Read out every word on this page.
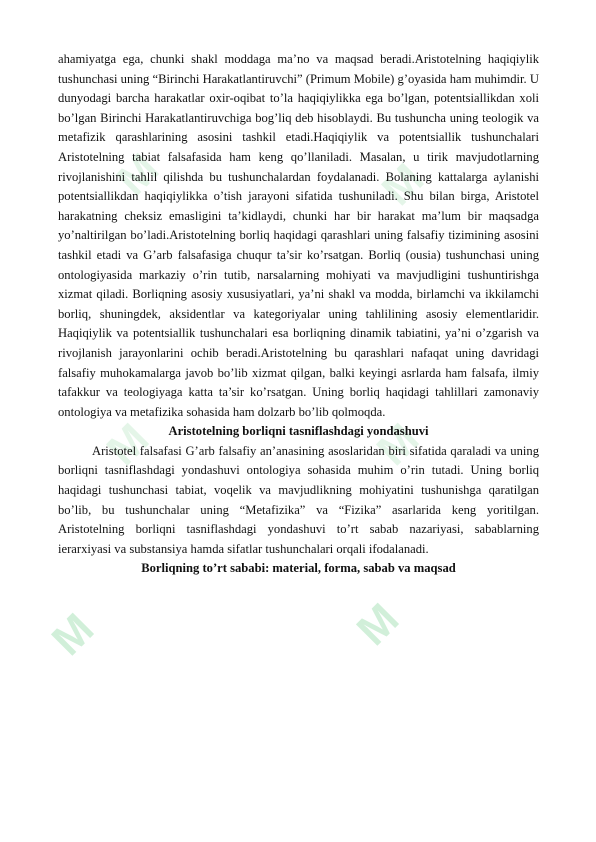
M	M
M	M
M	M

ahamiyatga ega, chunki shakl moddaga ma’no va maqsad beradi.Aristotelning haqiqiylik tushunchasi uning “Birinchi Harakatlantiruvchi” (Primum Mobile) g’oyasida ham muhimdir. U dunyodagi barcha harakatlar oxir-oqibat to’la haqiqiylikka ega bo’lgan, potentsiallikdan xoli bo’lgan Birinchi Harakatlantiruvchiga bog’liq deb hisoblaydi. Bu tushuncha uning teologik va metafizik qarashlarining asosini tashkil etadi.Haqiqiylik va potentsiallik tushunchalari Aristotelning tabiat falsafasida ham keng qo’llaniladi. Masalan, u tirik mavjudotlarning rivojlanishini tahlil qilishda bu tushunchalardan foydalanadi. Bolaning kattalarga aylanishi potentsiallikdan haqiqiylikka o’tish jarayoni sifatida tushuniladi. Shu bilan birga, Aristotel harakatning cheksiz emasligini ta’kidlaydi, chunki har bir harakat ma’lum bir maqsadga yo’naltirilgan bo’ladi.Aristotelning borliq haqidagi qarashlari uning falsafiy tizimining asosini tashkil etadi va G’arb falsafasiga chuqur ta’sir ko’rsatgan. Borliq (ousia) tushunchasi uning ontologiyasida markaziy o’rin tutib, narsalarning mohiyati va mavjudligini tushuntirishga xizmat qiladi. Borliqning asosiy xususiyatlari, ya’ni shakl va modda, birlamchi va ikkilamchi borliq, shuningdek, aksidentlar va kategoriyalar uning tahlilining asosiy elementlaridir. Haqiqiylik va potentsiallik tushunchalari esa borliqning dinamik tabiatini, ya’ni o’zgarish va rivojlanish jarayonlarini ochib beradi.Aristotelning bu qarashlari nafaqat uning davridagi falsafiy muhokamalarga javob bo’lib xizmat qilgan, balki keyingi asrlarda ham falsafa, ilmiy tafakkur va teologiyaga katta ta’sir ko’rsatgan. Uning borliq haqidagi tahlillari zamonaviy ontologiya va metafizika sohasida ham dolzarb bo’lib qolmoqda.

Aristotelning borliqni tasniflashdagi yondashuvi

Aristotel falsafasi G’arb falsafiy an’anasining asoslaridan biri sifatida qaraladi va uning borliqni tasniflashdagi yondashuvi ontologiya sohasida muhim o’rin tutadi. Uning borliq haqidagi tushunchasi tabiat, voqelik va mavjudlikning mohiyatini tushunishga qaratilgan bo’lib, bu tushunchalar uning “Metafizika” va “Fizika” asarlarida keng yoritilgan. Aristotelning borliqni tasniflashdagi yondashuvi to’rt sabab nazariyasi, sabablarning ierarxiyasi va substansiya hamda sifatlar tushunchalari orqali ifodalanadi.

Borliqning to’rt sababi: material, forma, sabab va maqsad
